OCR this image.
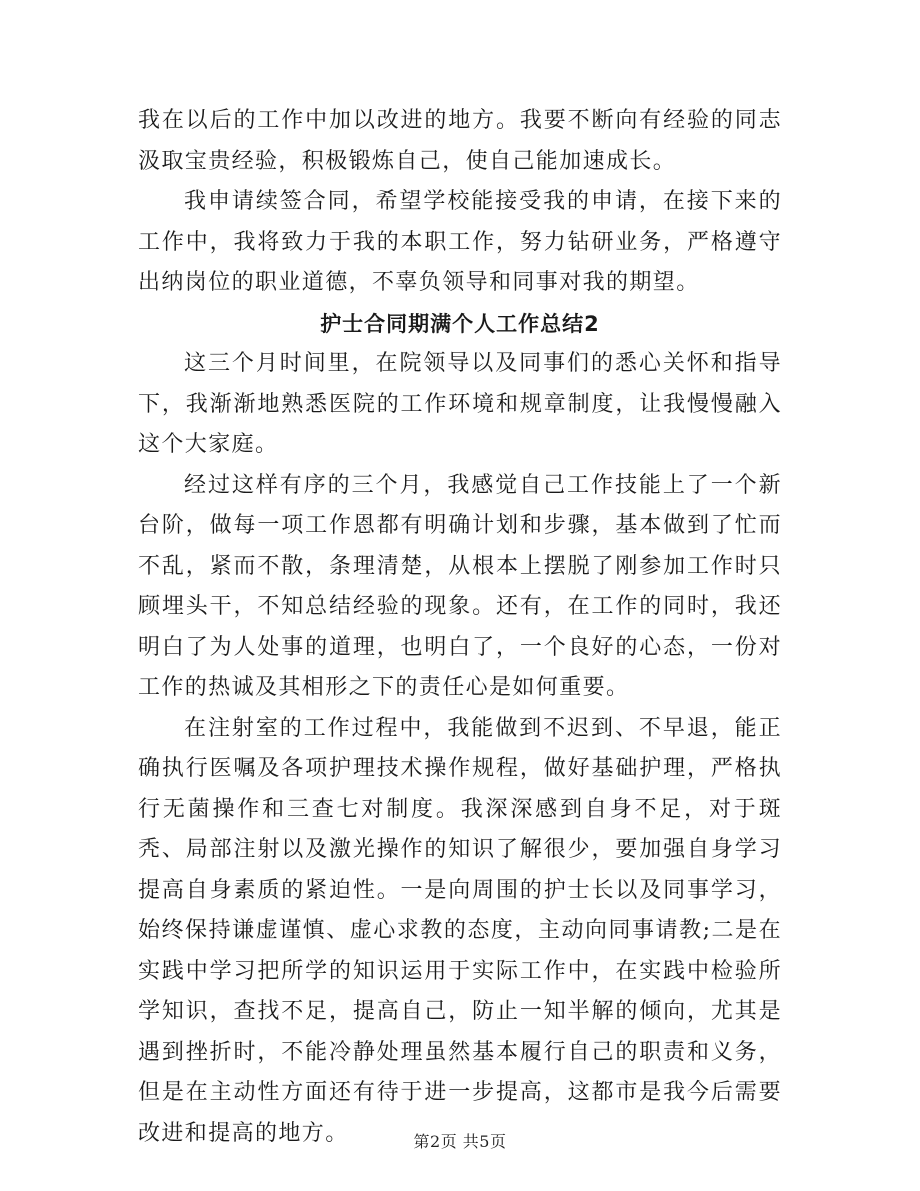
我在以后的工作中加以改进的地方。我要不断向有经验的同志汲取宝贵经验，积极锻炼自己，使自己能加速成长。

我申请续签合同，希望学校能接受我的申请，在接下来的工作中，我将致力于我的本职工作，努力钻研业务，严格遵守出纳岗位的职业道德，不辜负领导和同事对我的期望。

护士合同期满个人工作总结2

这三个月时间里，在院领导以及同事们的悉心关怀和指导下，我渐渐地熟悉医院的工作环境和规章制度，让我慢慢融入这个大家庭。

经过这样有序的三个月，我感觉自己工作技能上了一个新台阶，做每一项工作恩都有明确计划和步骤，基本做到了忙而不乱，紧而不散，条理清楚，从根本上摆脱了刚参加工作时只顾埋头干，不知总结经验的现象。还有，在工作的同时，我还明白了为人处事的道理，也明白了，一个良好的心态，一份对工作的热诚及其相形之下的责任心是如何重要。

在注射室的工作过程中，我能做到不迟到、不早退，能正确执行医嘱及各项护理技术操作规程，做好基础护理，严格执行无菌操作和三查七对制度。我深深感到自身不足，对于斑秃、局部注射以及激光操作的知识了解很少，要加强自身学习提高自身素质的紧迫性。一是向周围的护士长以及同事学习，始终保持谦虚谨慎、虚心求教的态度，主动向同事请教;二是在实践中学习把所学的知识运用于实际工作中，在实践中检验所学知识，查找不足，提高自己，防止一知半解的倾向，尤其是遇到挫折时，不能冷静处理虽然基本履行自己的职责和义务，但是在主动性方面还有待于进一步提高，这都市是我今后需要改进和提高的地方。	第2页 共5页
